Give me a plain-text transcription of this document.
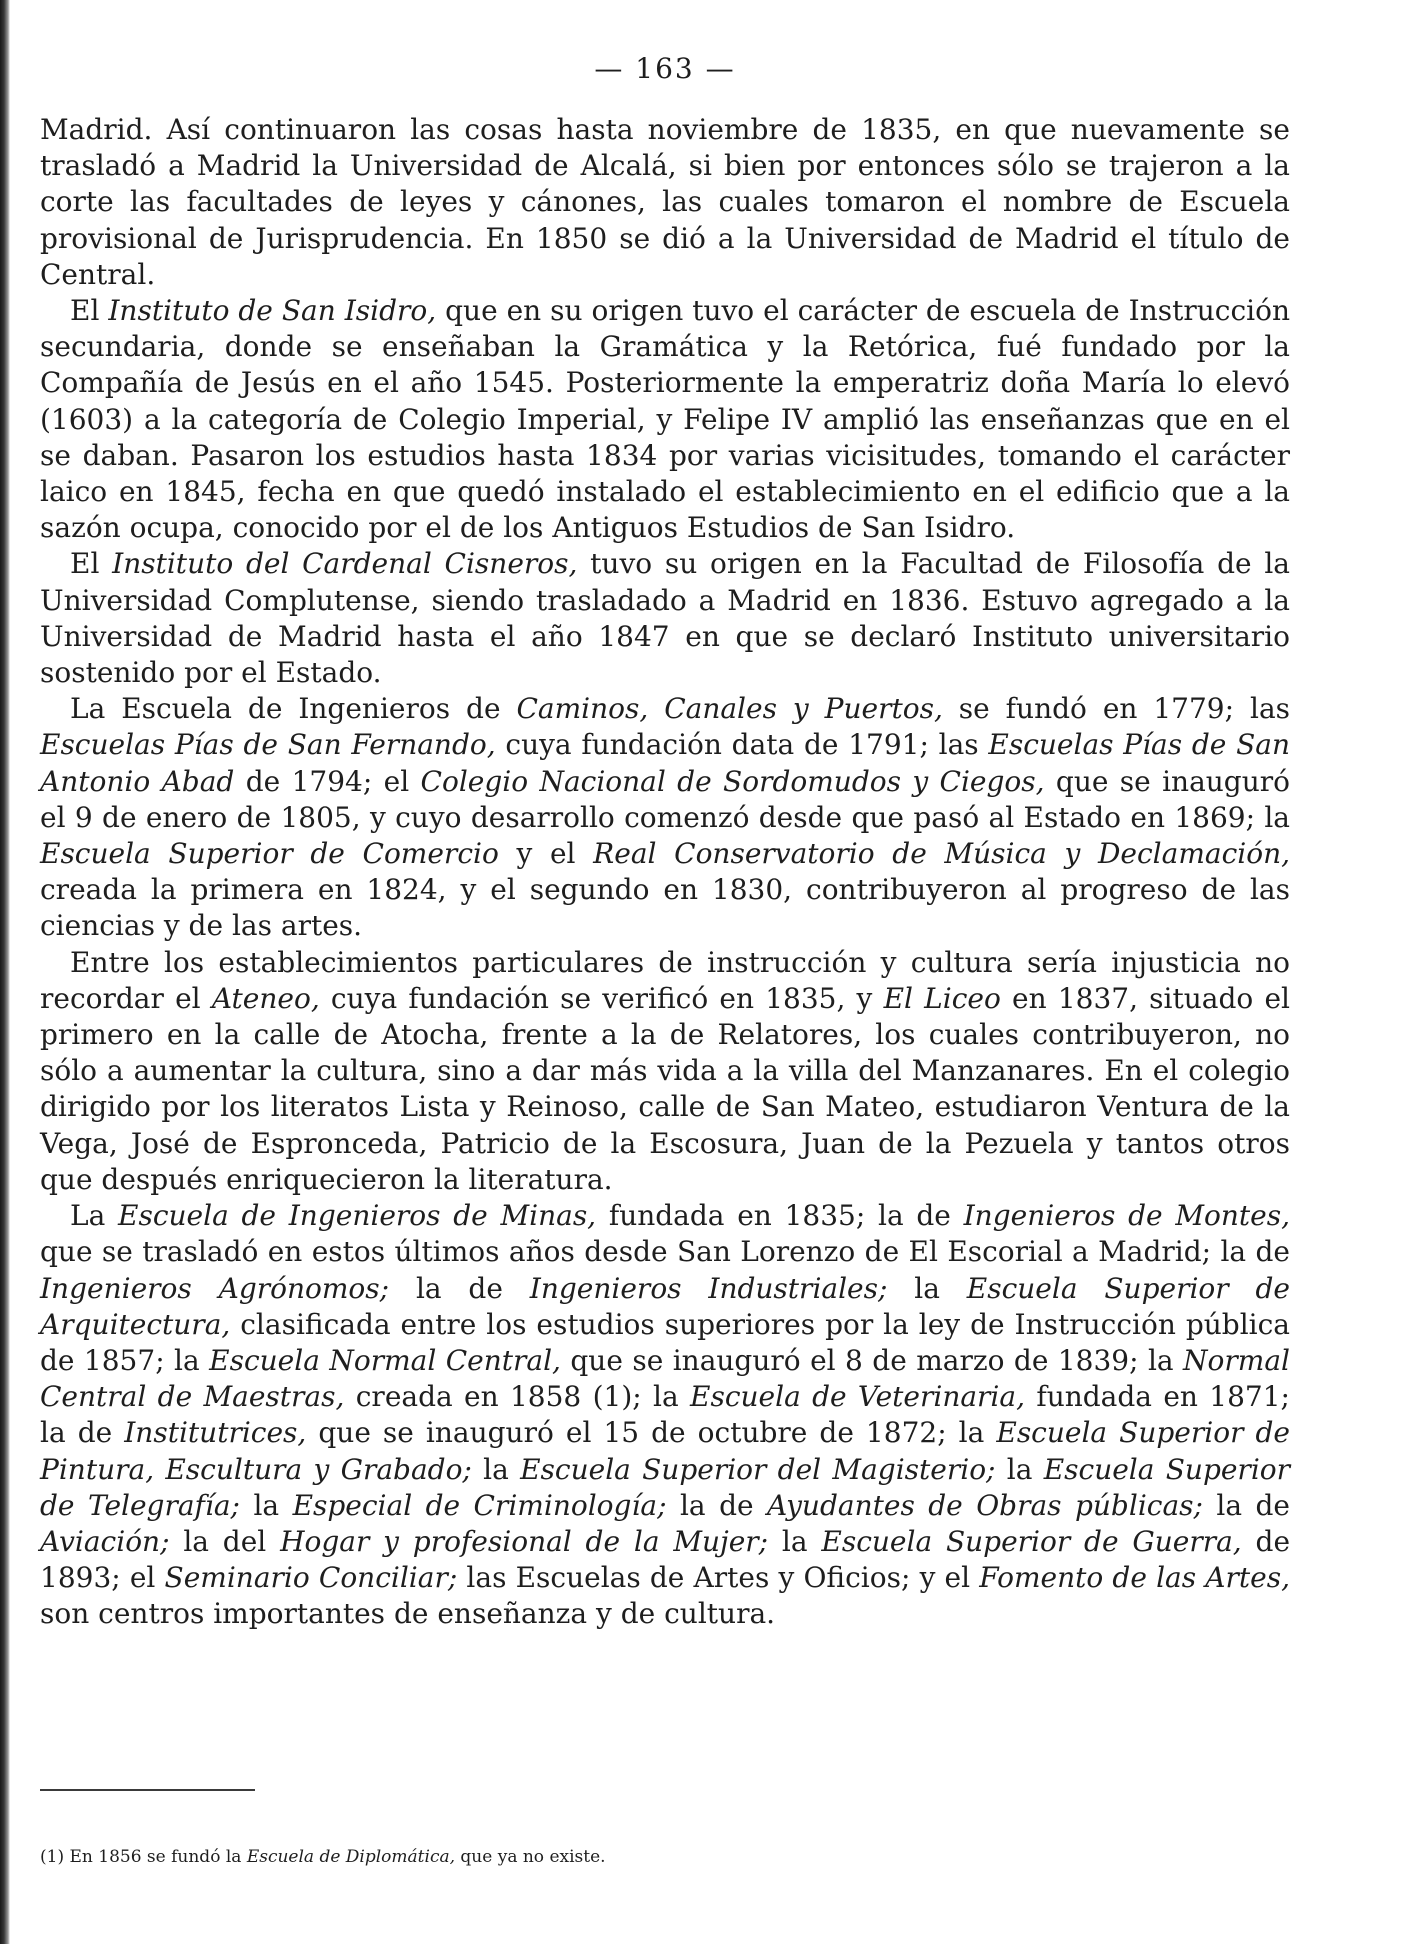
— 163 —

Madrid. Así continuaron las cosas hasta noviembre de 1835, en que nuevamente se trasladó a Madrid la Universidad de Alcalá, si bien por entonces sólo se trajeron a la corte las facultades de leyes y cánones, las cuales tomaron el nombre de Escuela provisional de Jurisprudencia. En 1850 se dió a la Universidad de Madrid el título de Central.

El Instituto de San Isidro, que en su origen tuvo el carácter de escuela de Instrucción secundaria, donde se enseñaban la Gramática y la Retórica, fué fundado por la Compañía de Jesús en el año 1545. Posteriormente la emperatriz doña María lo elevó (1603) a la categoría de Colegio Imperial, y Felipe IV amplió las enseñanzas que en el se daban. Pasaron los estudios hasta 1834 por varias vicisitudes, tomando el carácter laico en 1845, fecha en que quedó instalado el establecimiento en el edificio que a la sazón ocupa, conocido por el de los Antiguos Estudios de San Isidro.

El Instituto del Cardenal Cisneros, tuvo su origen en la Facultad de Filosofía de la Universidad Complutense, siendo trasladado a Madrid en 1836. Estuvo agregado a la Universidad de Madrid hasta el año 1847 en que se declaró Instituto universitario sostenido por el Estado.

La Escuela de Ingenieros de Caminos, Canales y Puertos, se fundó en 1779; las Escuelas Pías de San Fernando, cuya fundación data de 1791; las Escuelas Pías de San Antonio Abad de 1794; el Colegio Nacional de Sordomudos y Ciegos, que se inauguró el 9 de enero de 1805, y cuyo desarrollo comenzó desde que pasó al Estado en 1869; la Escuela Superior de Comercio y el Real Conservatorio de Música y Declamación, creada la primera en 1824, y el segundo en 1830, contribuyeron al progreso de las ciencias y de las artes.

Entre los establecimientos particulares de instrucción y cultura sería injusticia no recordar el Ateneo, cuya fundación se verificó en 1835, y El Liceo en 1837, situado el primero en la calle de Atocha, frente a la de Relatores, los cuales contribuyeron, no sólo a aumentar la cultura, sino a dar más vida a la villa del Manzanares. En el colegio dirigido por los literatos Lista y Reinoso, calle de San Mateo, estudiaron Ventura de la Vega, José de Espronceda, Patricio de la Escosura, Juan de la Pezuela y tantos otros que después enriquecieron la literatura.

La Escuela de Ingenieros de Minas, fundada en 1835; la de Ingenieros de Montes, que se trasladó en estos últimos años desde San Lorenzo de El Escorial a Madrid; la de Ingenieros Agrónomos; la de Ingenieros Industriales; la Escuela Superior de Arquitectura, clasificada entre los estudios superiores por la ley de Instrucción pública de 1857; la Escuela Normal Central, que se inauguró el 8 de marzo de 1839; la Normal Central de Maestras, creada en 1858 (1); la Escuela de Veterinaria, fundada en 1871; la de Institutrices, que se inauguró el 15 de octubre de 1872; la Escuela Superior de Pintura, Escultura y Grabado; la Escuela Superior del Magisterio; la Escuela Superior de Telegrafía; la Especial de Criminología; la de Ayudantes de Obras públicas; la de Aviación; la del Hogar y profesional de la Mujer; la Escuela Superior de Guerra, de 1893; el Seminario Conciliar; las Escuelas de Artes y Oficios; y el Fomento de las Artes, son centros importantes de enseñanza y de cultura.

(1) En 1856 se fundó la Escuela de Diplomática, que ya no existe.
